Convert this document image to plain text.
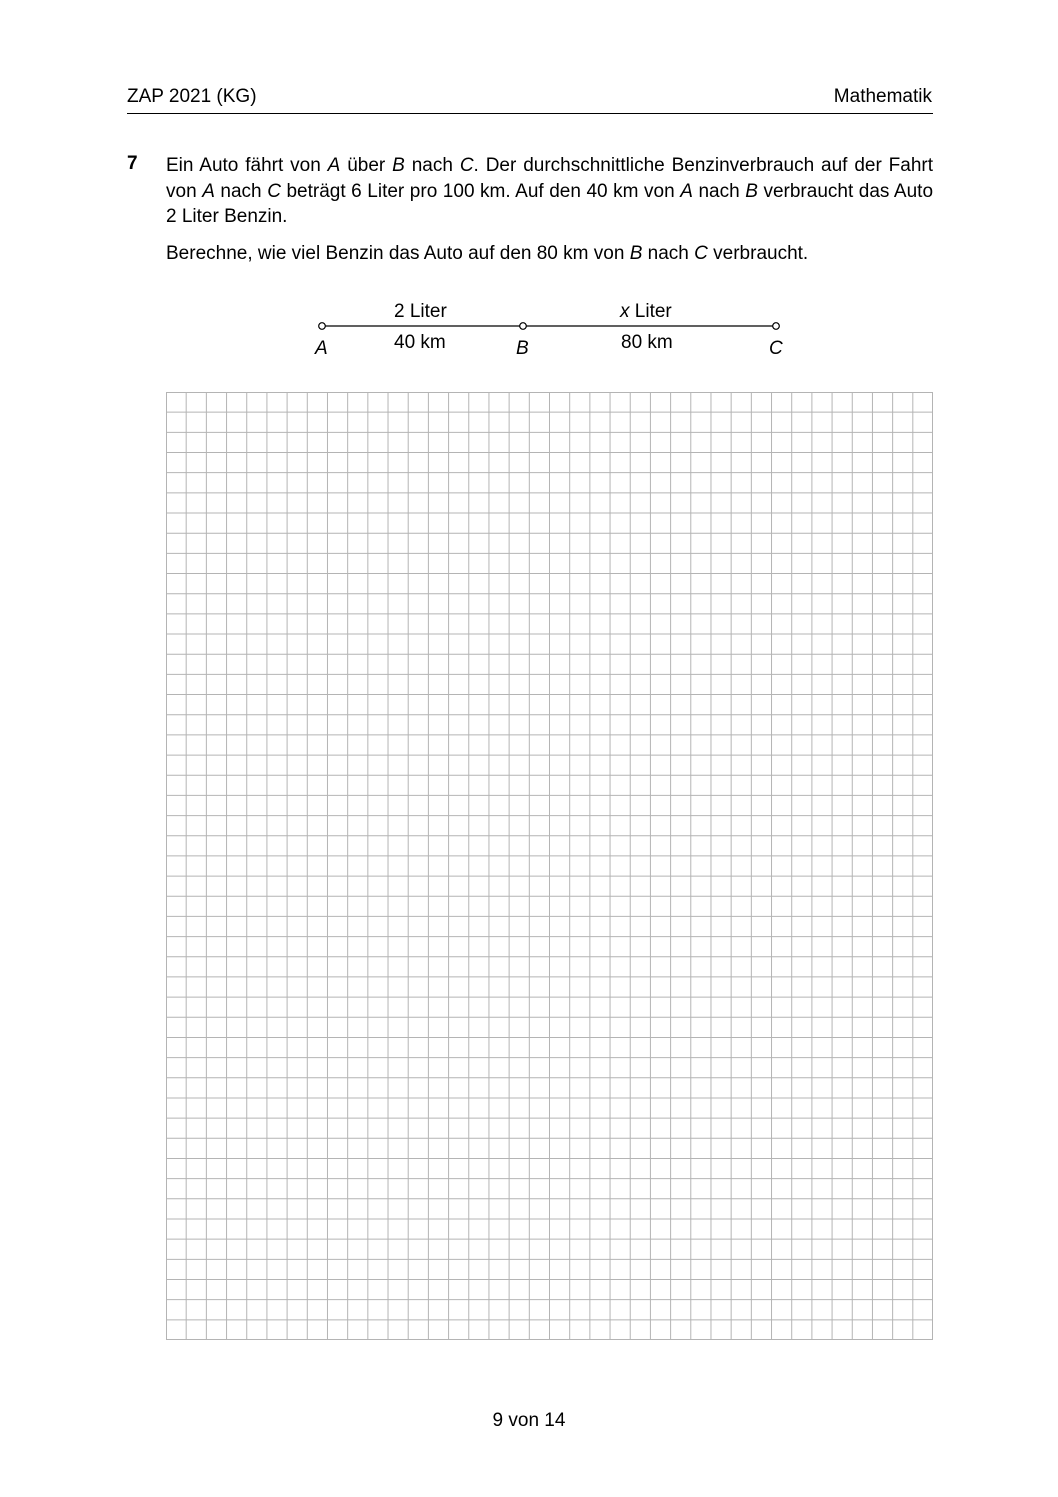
ZAP 2021 (KG)	Mathematik
7 Ein Auto fährt von A über B nach C. Der durchschnittliche Benzinverbrauch auf der Fahrt von A nach C beträgt 6 Liter pro 100 km. Auf den 40 km von A nach B verbraucht das Auto 2 Liter Benzin.
Berechne, wie viel Benzin das Auto auf den 80 km von B nach C verbraucht.
2 Liter
40 km
x Liter
80 km
A	B	C
9 von 14
